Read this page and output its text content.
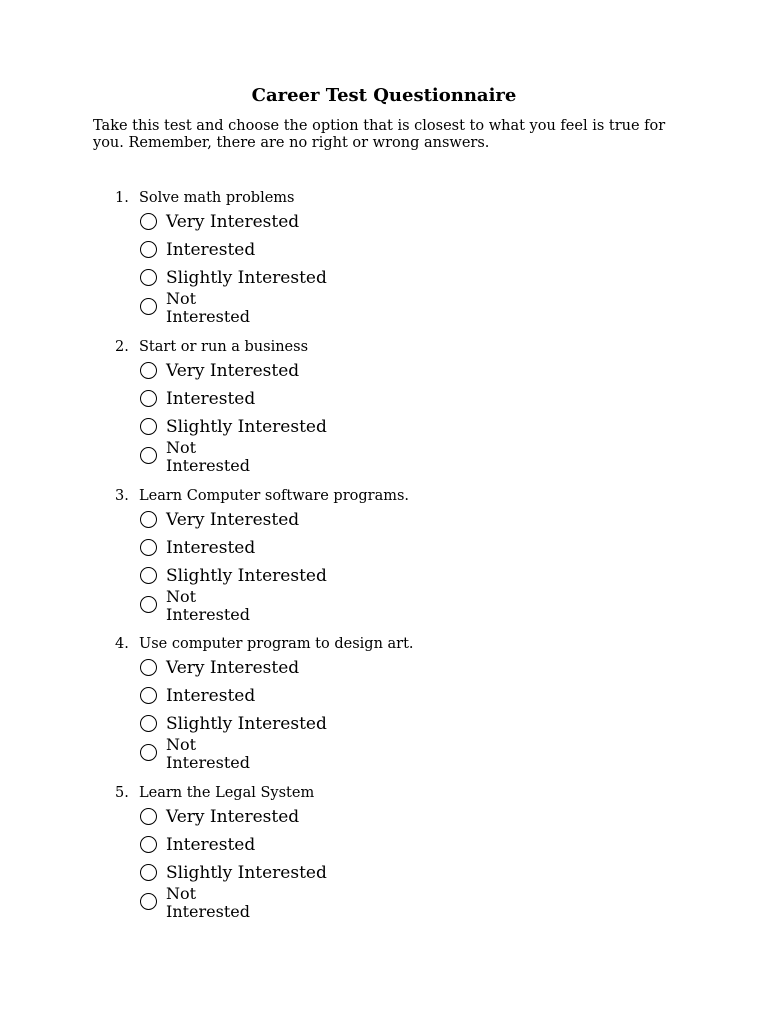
Career Test Questionnaire
Take this test and choose the option that is closest to what you feel is true for you. Remember, there are no right or wrong answers.
1. Solve math problems
Very Interested
Interested
Slightly Interested
Not Interested
2. Start or run a business
Very Interested
Interested
Slightly Interested
Not Interested
3. Learn Computer software programs.
Very Interested
Interested
Slightly Interested
Not Interested
4. Use computer program to design art.
Very Interested
Interested
Slightly Interested
Not Interested
5. Learn the Legal System
Very Interested
Interested
Slightly Interested
Not Interested
